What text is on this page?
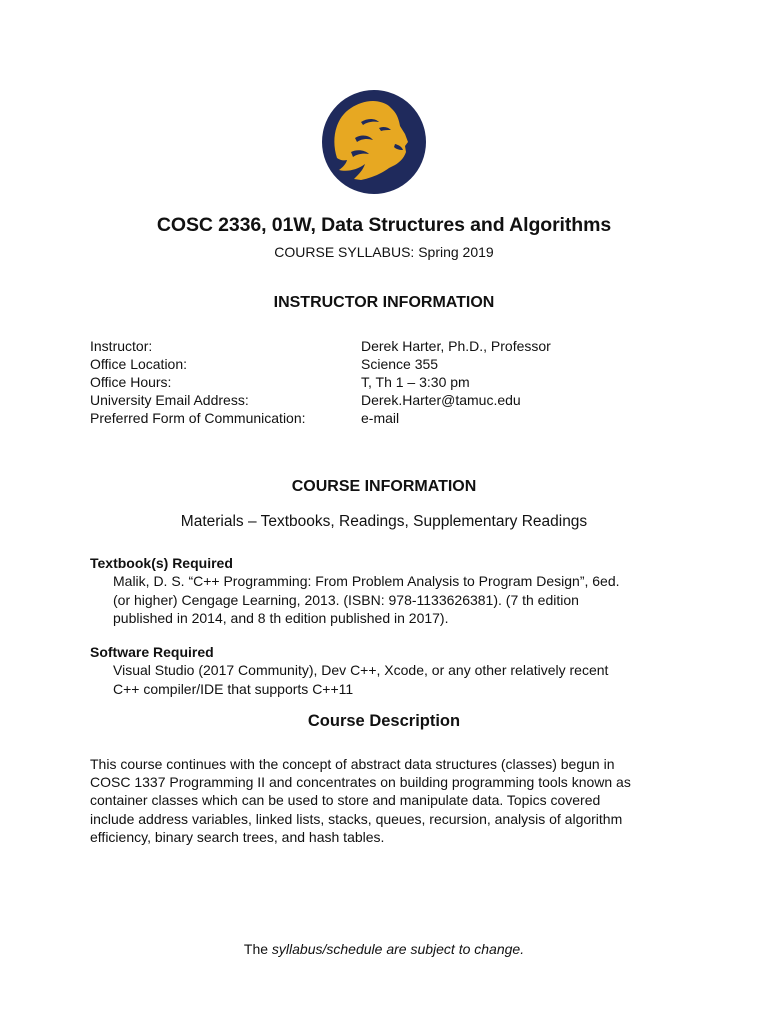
COSC 2336, 01W, Data Structures and Algorithms
COURSE SYLLABUS: Spring 2019
INSTRUCTOR INFORMATION
Instructor:	Derek Harter, Ph.D., Professor
Office Location:	Science 355
Office Hours:	T, Th 1 – 3:30 pm
University Email Address:	Derek.Harter@tamuc.edu
Preferred Form of Communication:	e-mail
COURSE INFORMATION
Materials – Textbooks, Readings, Supplementary Readings
Textbook(s) Required
Malik, D. S. “C++ Programming: From Problem Analysis to Program Design”, 6ed.
(or higher) Cengage Learning, 2013. (ISBN: 978-1133626381). (7 th edition
published in 2014, and 8 th edition published in 2017).
Software Required
Visual Studio (2017 Community), Dev C++, Xcode, or any other relatively recent
C++ compiler/IDE that supports C++11
Course Description
This course continues with the concept of abstract data structures (classes) begun in
COSC 1337 Programming II and concentrates on building programming tools known as
container classes which can be used to store and manipulate data. Topics covered
include address variables, linked lists, stacks, queues, recursion, analysis of algorithm
efficiency, binary search trees, and hash tables.
The syllabus/schedule are subject to change.
